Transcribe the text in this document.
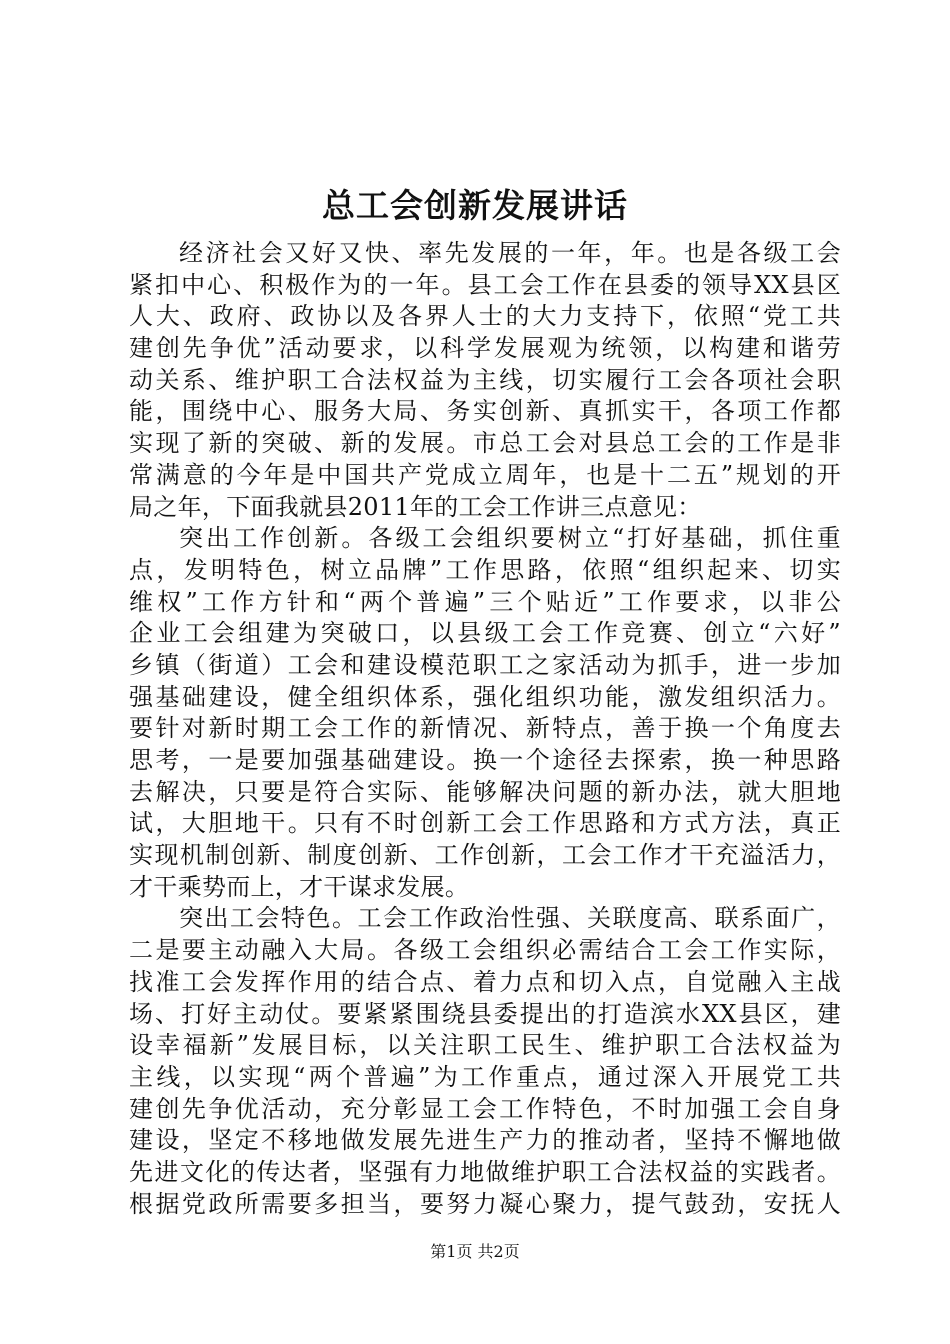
总工会创新发展讲话
经济社会又好又快、率先发展的一年，年。也是各级工会
紧扣中心、积极作为的一年。县工会工作在县委的领导XX县区
人大、政府、政协以及各界人士的大力支持下，依照“党工共
建创先争优”活动要求，以科学发展观为统领，以构建和谐劳
动关系、维护职工合法权益为主线，切实履行工会各项社会职
能，围绕中心、服务大局、务实创新、真抓实干，各项工作都
实现了新的突破、新的发展。市总工会对县总工会的工作是非
常满意的今年是中国共产党成立周年，也是十二五”规划的开
局之年，下面我就县2011年的工会工作讲三点意见：
突出工作创新。各级工会组织要树立“打好基础，抓住重
点，发明特色，树立品牌”工作思路，依照“组织起来、切实
维权”工作方针和“两个普遍”三个贴近”工作要求，以非公
企业工会组建为突破口，以县级工会工作竞赛、创立“六好”
乡镇（街道）工会和建设模范职工之家活动为抓手，进一步加
强基础建设，健全组织体系，强化组织功能，激发组织活力。
要针对新时期工会工作的新情况、新特点，善于换一个角度去
思考，一是要加强基础建设。换一个途径去探索，换一种思路
去解决，只要是符合实际、能够解决问题的新办法，就大胆地
试，大胆地干。只有不时创新工会工作思路和方式方法，真正
实现机制创新、制度创新、工作创新，工会工作才干充溢活力，
才干乘势而上，才干谋求发展。
突出工会特色。工会工作政治性强、关联度高、联系面广，
二是要主动融入大局。各级工会组织必需结合工会工作实际，
找准工会发挥作用的结合点、着力点和切入点，自觉融入主战
场、打好主动仗。要紧紧围绕县委提出的打造滨水XX县区，建
设幸福新”发展目标，以关注职工民生、维护职工合法权益为
主线，以实现“两个普遍”为工作重点，通过深入开展党工共
建创先争优活动，充分彰显工会工作特色，不时加强工会自身
建设，坚定不移地做发展先进生产力的推动者，坚持不懈地做
先进文化的传达者，坚强有力地做维护职工合法权益的实践者。
根据党政所需要多担当，要努力凝心聚力，提气鼓劲，安抚人
第1页 共2页
